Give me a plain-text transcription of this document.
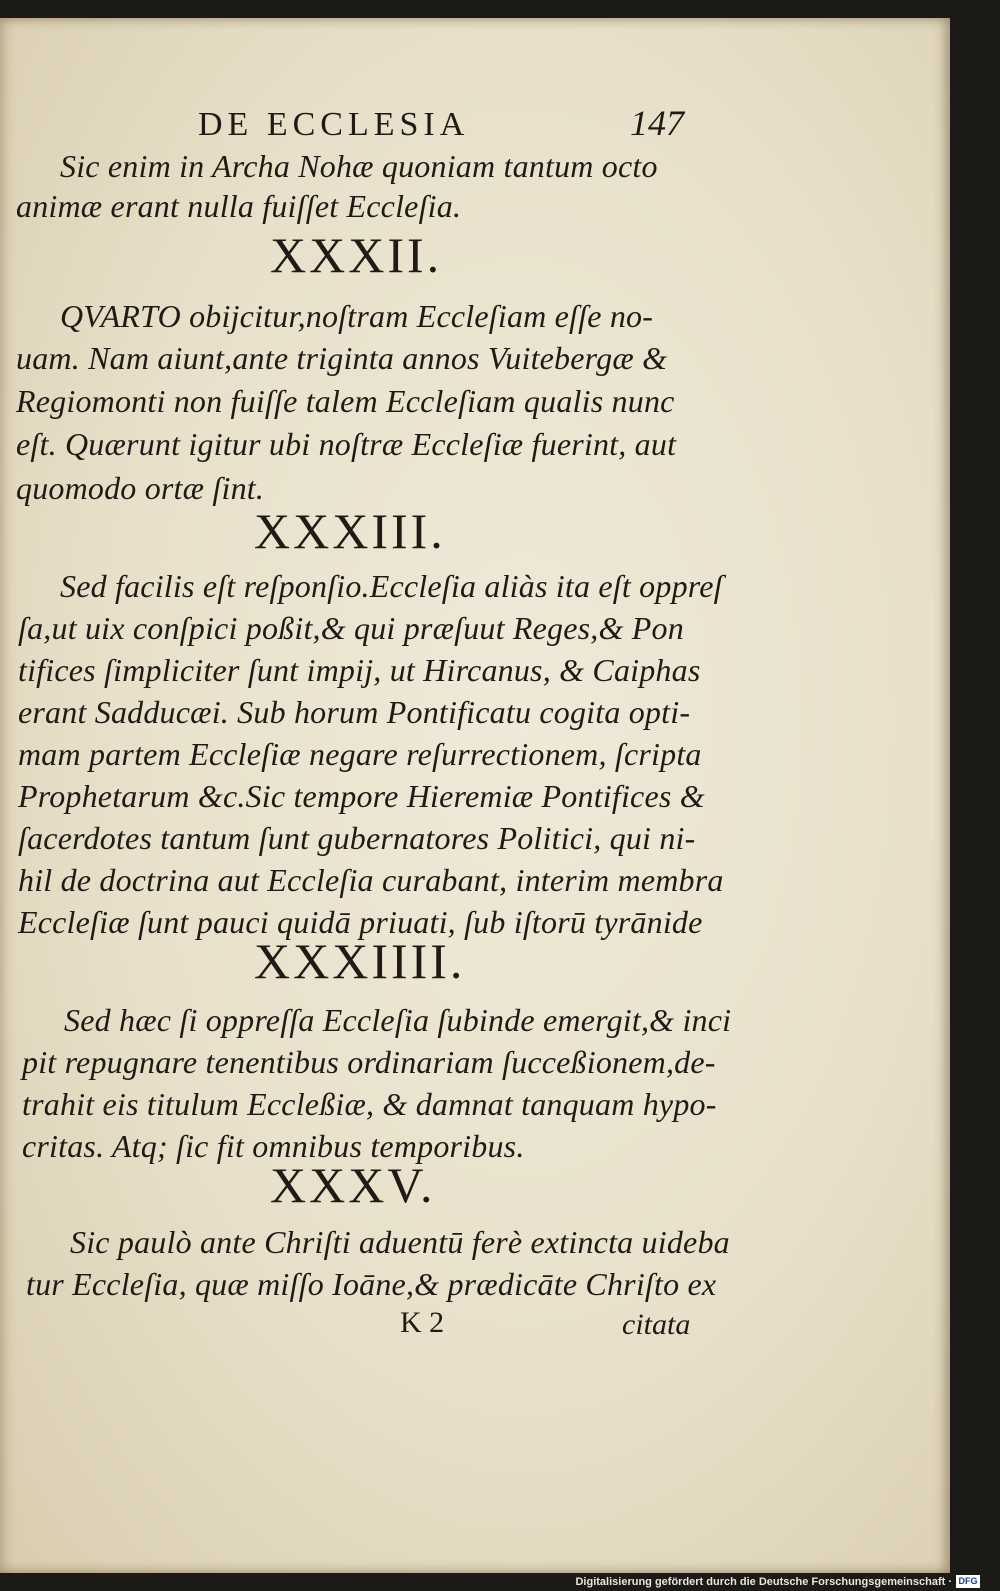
DE ECCLESIA	147
Sic enim in Archa Nohæ quoniam tantum octo
animæ erant nulla fuiſſet Eccleſia.
XXXII.
QVARTO obijcitur,noſtram Eccleſiam eſſe no-
uam. Nam aiunt,ante triginta annos Vuitebergæ &
Regiomonti non fuiſſe talem Eccleſiam qualis nunc
eſt. Quærunt igitur ubi noſtræ Eccleſiæ fuerint, aut
quomodo ortæ ſint.
XXXIII.
Sed facilis eſt reſponſio.Eccleſia aliàs ita eſt oppreſ
ſa,ut uix conſpici poßit,& qui præſuut Reges,& Pon
tifices ſimpliciter ſunt impij, ut Hircanus, & Caiphas
erant Sadducæi. Sub horum Pontificatu cogita opti-
mam partem Eccleſiæ negare reſurrectionem, ſcripta
Prophetarum &c.Sic tempore Hieremiæ Pontifices &
ſacerdotes tantum ſunt gubernatores Politici, qui ni-
hil de doctrina aut Eccleſia curabant, interim membra
Eccleſiæ ſunt pauci quidā priuati, ſub iſtorū tyrānide
XXXIIII.
Sed hæc ſi oppreſſa Eccleſia ſubinde emergit,& inci
pit repugnare tenentibus ordinariam ſucceßionem,de-
trahit eis titulum Eccleßiæ, & damnat tanquam hypo-
critas. Atq; ſic fit omnibus temporibus.
XXXV.
Sic paulò ante Chriſti aduentū ferè extincta uideba
tur Eccleſia, quæ miſſo Ioāne,& prædicāte Chriſto ex
K 2	citata
Digitalisierung gefördert durch die Deutsche Forschungsgemeinschaft · DFG
